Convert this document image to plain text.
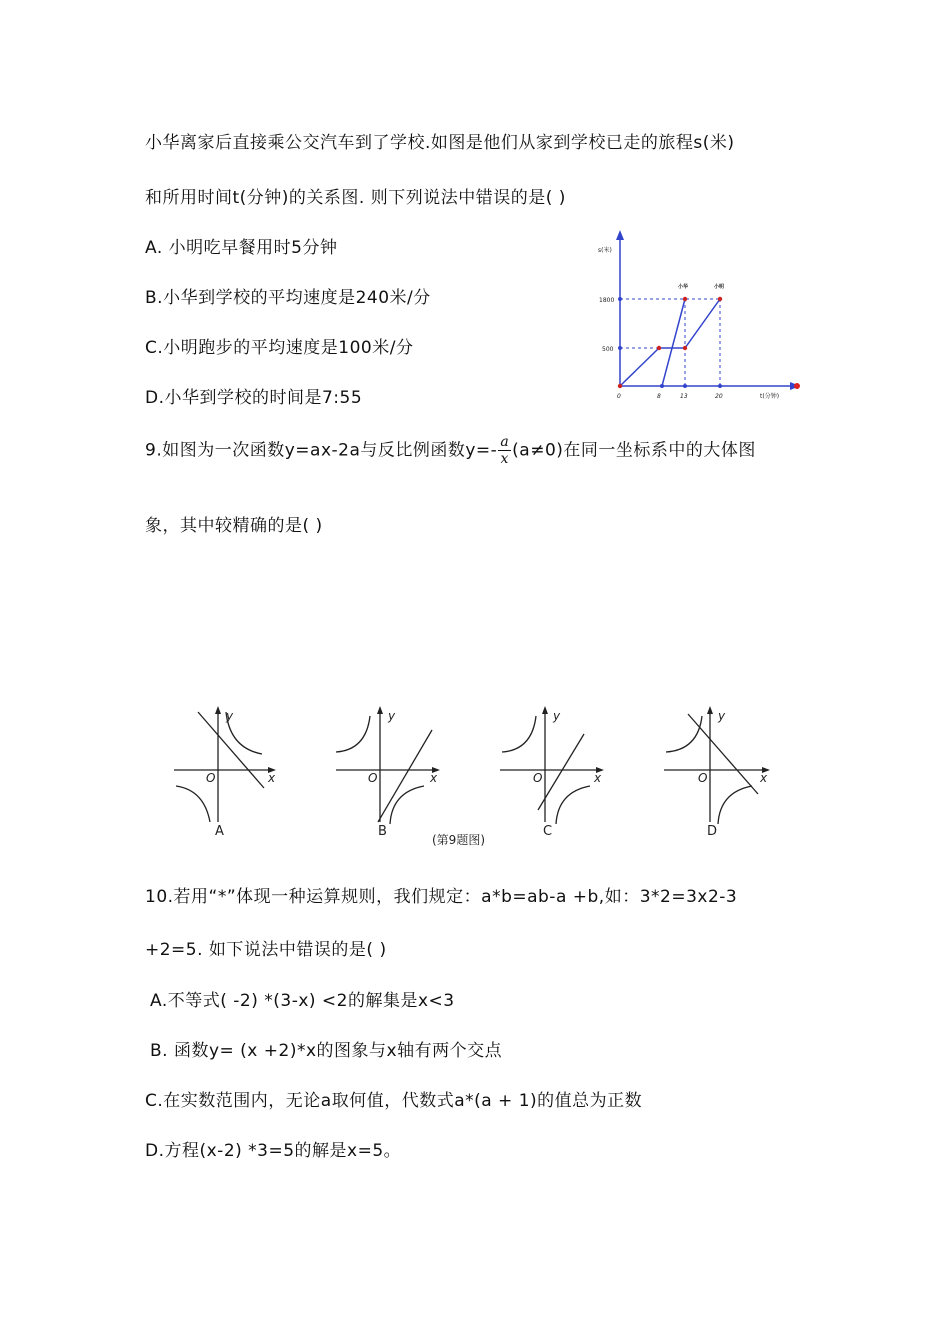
小华离家后直接乘公交汽车到了学校.如图是他们从家到学校已走的旅程s(米)
和所用时间t(分钟)的关系图. 则下列说法中错误的是( )
A. 小明吃早餐用时5分钟
B.小华到学校的平均速度是240米/分
C.小明跑步的平均速度是100米/分
D.小华到学校的时间是7:55
s(米)
1800
500
0	8	13	20	t(分钟)
小华	小明
9.如图为一次函数y=ax-2a与反比例函数$y=- \frac{a}{x} (a\ne 0)$在同一坐标系中的大体图
象，其中较精确的是( )
y
x
O
y
x
O
y
x
O
y
x
O
A	B	C	D
(第9题图)
10.若用“*”体现一种运算规则，我们规定：a*b=ab-a +b,如：3*2=3x2-3
+2=5. 如下说法中错误的是( )
A.不等式( -2) *(3-x) <2的解集是x<3
B. 函数y= (x +2)*x的图象与x轴有两个交点
C.在实数范围内，无论a取何值，代数式a*(a + 1)的值总为正数
D.方程(x-2) *3=5的解是x=5。
